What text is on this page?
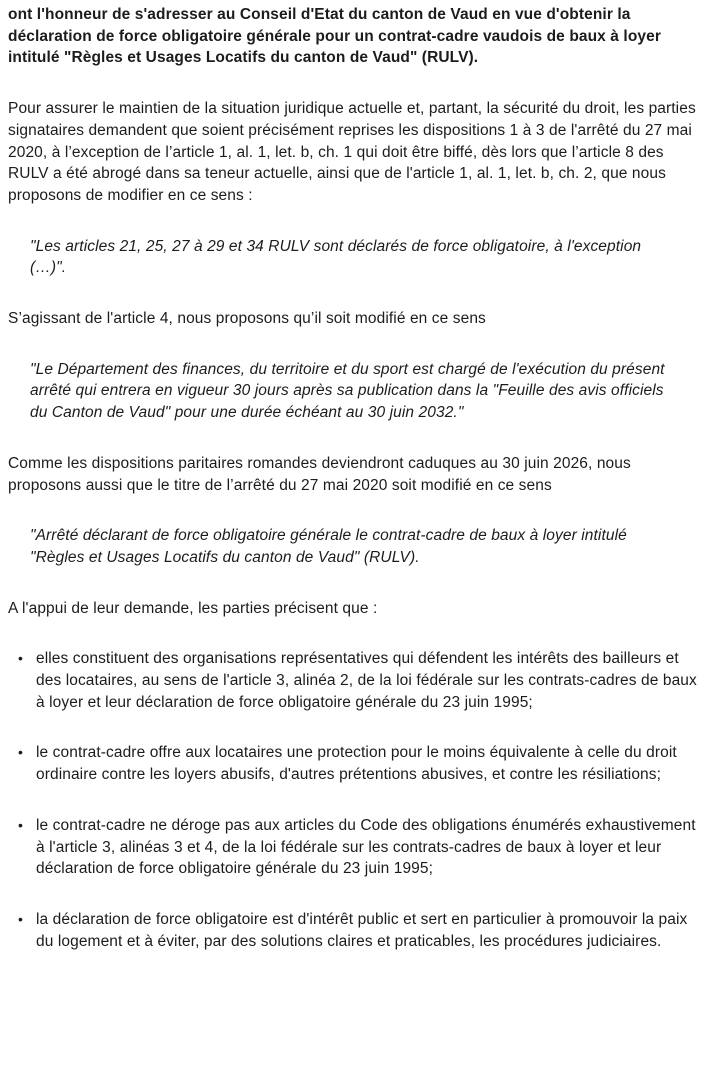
ont l'honneur de s'adresser au Conseil d'Etat du canton de Vaud en vue d'obtenir la déclaration de force obligatoire générale pour un contrat-cadre vaudois de baux à loyer intitulé "Règles et Usages Locatifs du canton de Vaud" (RULV).

Pour assurer le maintien de la situation juridique actuelle et, partant, la sécurité du droit, les parties signataires demandent que soient précisément reprises les dispositions 1 à 3 de l'arrêté du 27 mai 2020, à l’exception de l’article 1, al. 1, let. b, ch. 1 qui doit être biffé, dès lors que l’article 8 des RULV a été abrogé dans sa teneur actuelle, ainsi que de l'article 1, al. 1, let. b, ch. 2, que nous proposons de modifier en ce sens :

"Les articles 21, 25, 27 à 29 et 34 RULV sont déclarés de force obligatoire, à l'exception (…)".

S’agissant de l'article 4, nous proposons qu’il soit modifié en ce sens

"Le Département des finances, du territoire et du sport est chargé de l'exécution du présent arrêté qui entrera en vigueur 30 jours après sa publication dans la "Feuille des avis officiels du Canton de Vaud" pour une durée échéant au 30 juin 2032."

Comme les dispositions paritaires romandes deviendront caduques au 30 juin 2026, nous proposons aussi que le titre de l’arrêté du 27 mai 2020 soit modifié en ce sens

"Arrêté déclarant de force obligatoire générale le contrat-cadre de baux à loyer intitulé "Règles et Usages Locatifs du canton de Vaud" (RULV).

A l'appui de leur demande, les parties précisent que :

• elles constituent des organisations représentatives qui défendent les intérêts des bailleurs et des locataires, au sens de l'article 3, alinéa 2, de la loi fédérale sur les contrats-cadres de baux à loyer et leur déclaration de force obligatoire générale du 23 juin 1995;
• le contrat-cadre offre aux locataires une protection pour le moins équivalente à celle du droit ordinaire contre les loyers abusifs, d'autres prétentions abusives, et contre les résiliations;
• le contrat-cadre ne déroge pas aux articles du Code des obligations énumérés exhaustivement à l'article 3, alinéas 3 et 4, de la loi fédérale sur les contrats-cadres de baux à loyer et leur déclaration de force obligatoire générale du 23 juin 1995;
• la déclaration de force obligatoire est d'intérêt public et sert en particulier à promouvoir la paix du logement et à éviter, par des solutions claires et praticables, les procédures judiciaires.
